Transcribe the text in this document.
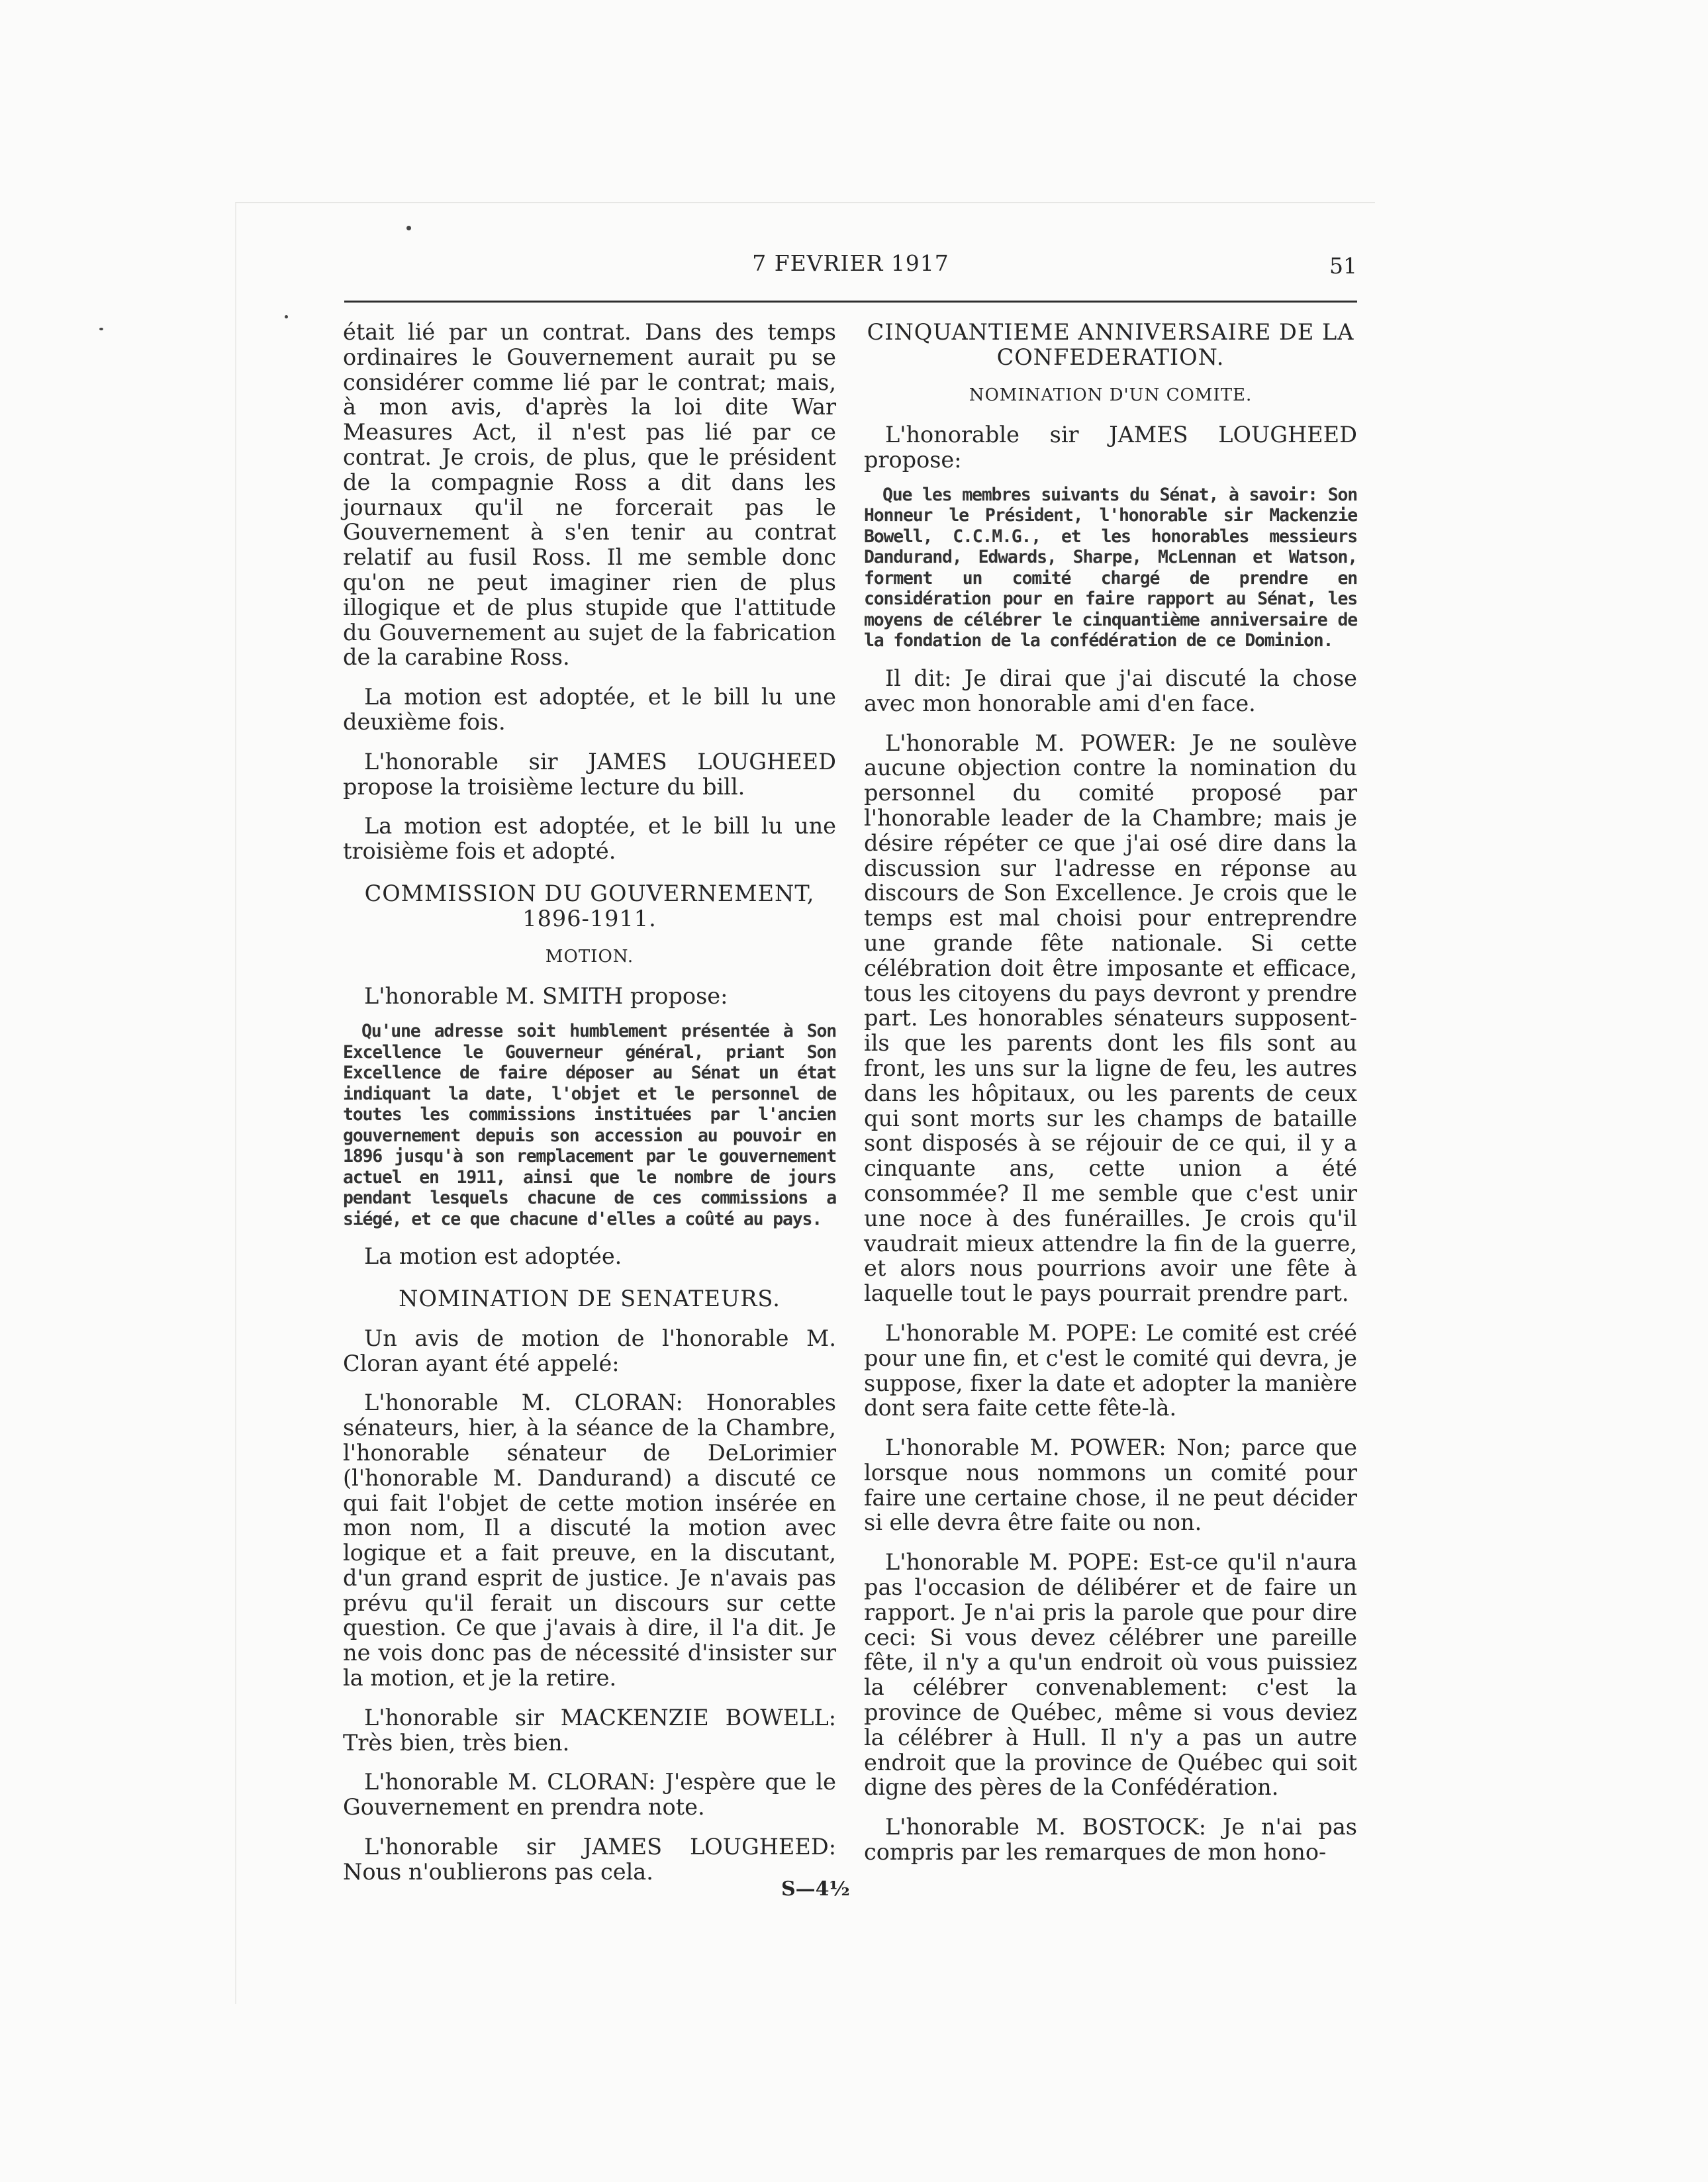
7 FEVRIER 1917	51

était lié par un contrat. Dans des temps ordinaires le Gouvernement aurait pu se considérer comme lié par le contrat; mais, à mon avis, d'après la loi dite War Measures Act, il n'est pas lié par ce contrat. Je crois, de plus, que le président de la compagnie Ross a dit dans les journaux qu'il ne forcerait pas le Gouvernement à s'en tenir au contrat relatif au fusil Ross. Il me semble donc qu'on ne peut imaginer rien de plus illogique et de plus stupide que l'attitude du Gouvernement au sujet de la fabrication de la carabine Ross.

La motion est adoptée, et le bill lu une deuxième fois.

L'honorable sir JAMES LOUGHEED propose la troisième lecture du bill.

La motion est adoptée, et le bill lu une troisième fois et adopté.

COMMISSION DU GOUVERNEMENT, 1896-1911.
MOTION.

L'honorable M. SMITH propose:

Qu'une adresse soit humblement présentée à Son Excellence le Gouverneur général, priant Son Excellence de faire déposer au Sénat un état indiquant la date, l'objet et le personnel de toutes les commissions instituées par l'ancien gouvernement depuis son accession au pouvoir en 1896 jusqu'à son remplacement par le gouvernement actuel en 1911, ainsi que le nombre de jours pendant lesquels chacune de ces commissions a siégé, et ce que chacune d'elles a coûté au pays.

La motion est adoptée.

NOMINATION DE SENATEURS.

Un avis de motion de l'honorable M. Cloran ayant été appelé:

L'honorable M. CLORAN: Honorables sénateurs, hier, à la séance de la Chambre, l'honorable sénateur de DeLorimier (l'honorable M. Dandurand) a discuté ce qui fait l'objet de cette motion insérée en mon nom, Il a discuté la motion avec logique et a fait preuve, en la discutant, d'un grand esprit de justice. Je n'avais pas prévu qu'il ferait un discours sur cette question. Ce que j'avais à dire, il l'a dit. Je ne vois donc pas de nécessité d'insister sur la motion, et je la retire.

L'honorable sir MACKENZIE BOWELL: Très bien, très bien.

L'honorable M. CLORAN: J'espère que le Gouvernement en prendra note.

L'honorable sir JAMES LOUGHEED: Nous n'oublierons pas cela.

CINQUANTIEME ANNIVERSAIRE DE LA CONFEDERATION.
NOMINATION D'UN COMITE.

L'honorable sir JAMES LOUGHEED propose:

Que les membres suivants du Sénat, à savoir: Son Honneur le Président, l'honorable sir Mackenzie Bowell, C.C.M.G., et les honorables messieurs Dandurand, Edwards, Sharpe, McLennan et Watson, forment un comité chargé de prendre en considération pour en faire rapport au Sénat, les moyens de célébrer le cinquantième anniversaire de la fondation de la confédération de ce Dominion.

Il dit: Je dirai que j'ai discuté la chose avec mon honorable ami d'en face.

L'honorable M. POWER: Je ne soulève aucune objection contre la nomination du personnel du comité proposé par l'honorable leader de la Chambre; mais je désire répéter ce que j'ai osé dire dans la discussion sur l'adresse en réponse au discours de Son Excellence. Je crois que le temps est mal choisi pour entreprendre une grande fête nationale. Si cette célébration doit être imposante et efficace, tous les citoyens du pays devront y prendre part. Les honorables sénateurs supposent-ils que les parents dont les fils sont au front, les uns sur la ligne de feu, les autres dans les hôpitaux, ou les parents de ceux qui sont morts sur les champs de bataille sont disposés à se réjouir de ce qui, il y a cinquante ans, cette union a été consommée? Il me semble que c'est unir une noce à des funérailles. Je crois qu'il vaudrait mieux attendre la fin de la guerre, et alors nous pourrions avoir une fête à laquelle tout le pays pourrait prendre part.

L'honorable M. POPE: Le comité est créé pour une fin, et c'est le comité qui devra, je suppose, fixer la date et adopter la manière dont sera faite cette fête-là.

L'honorable M. POWER: Non; parce que lorsque nous nommons un comité pour faire une certaine chose, il ne peut décider si elle devra être faite ou non.

L'honorable M. POPE: Est-ce qu'il n'aura pas l'occasion de délibérer et de faire un rapport. Je n'ai pris la parole que pour dire ceci: Si vous devez célébrer une pareille fête, il n'y a qu'un endroit où vous puissiez la célébrer convenablement: c'est la province de Québec, même si vous deviez la célébrer à Hull. Il n'y a pas un autre endroit que la province de Québec qui soit digne des pères de la Confédération.

L'honorable M. BOSTOCK: Je n'ai pas compris par les remarques de mon hono-

S—4½
